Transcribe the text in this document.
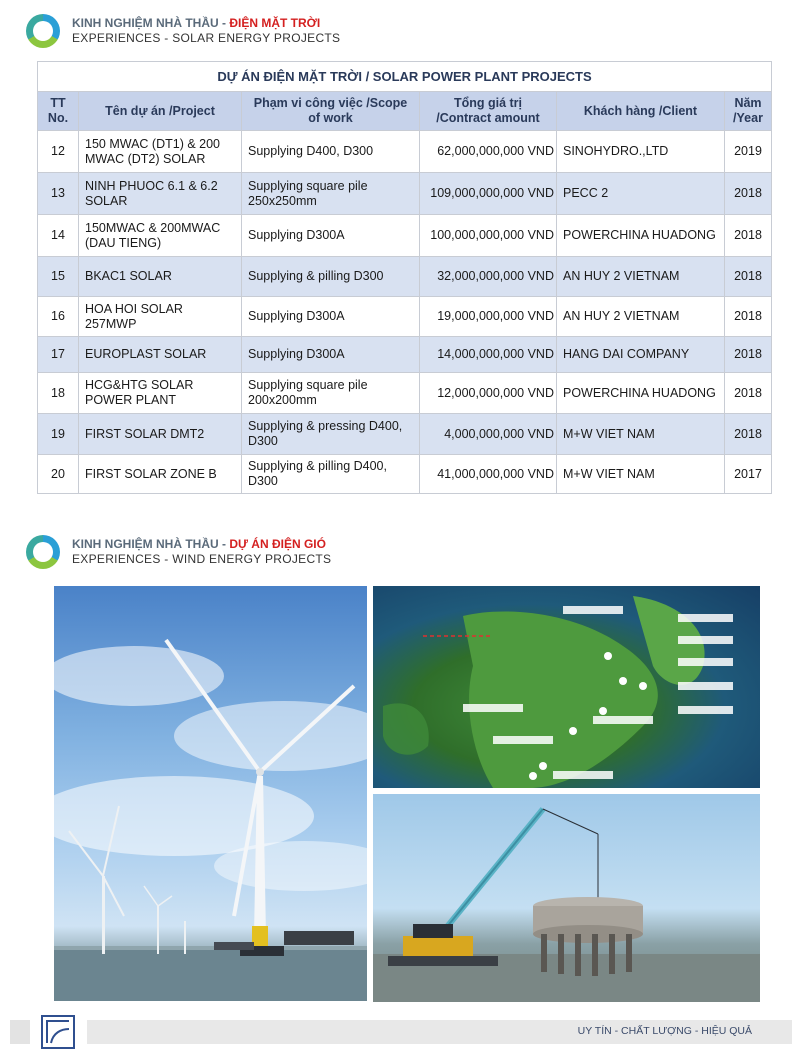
KINH NGHIỆM NHÀ THẦU - ĐIỆN MẶT TRỜI
EXPERIENCES - SOLAR ENERGY PROJECTS
DỰ ÁN ĐIỆN MẶT TRỜI / SOLAR POWER PLANT PROJECTS					
TT No.	Tên dự án /Project	Phạm vi công việc /Scope of work	Tổng giá trị /Contract amount	Khách hàng /Client	Năm /Year
12	150 MWAC (DT1) & 200 MWAC (DT2) SOLAR	Supplying D400, D300	62,000,000,000 VND	SINOHYDRO.,LTD	2019
13	NINH PHUOC 6.1 & 6.2 SOLAR	Supplying square pile 250x250mm	109,000,000,000 VND	PECC 2	2018
14	150MWAC & 200MWAC (DAU TIENG)	Supplying D300A	100,000,000,000 VND	POWERCHINA HUADONG	2018
15	BKAC1 SOLAR	Supplying & pilling D300	32,000,000,000 VND	AN HUY 2 VIETNAM	2018
16	HOA HOI SOLAR 257MWP	Supplying D300A	19,000,000,000 VND	AN HUY 2 VIETNAM	2018
17	EUROPLAST SOLAR	Supplying D300A	14,000,000,000 VND	HANG DAI COMPANY	2018
18	HCG&HTG SOLAR POWER PLANT	Supplying square pile 200x200mm	12,000,000,000 VND	POWERCHINA HUADONG	2018
19	FIRST SOLAR DMT2	Supplying & pressing D400, D300	4,000,000,000 VND	M+W VIET NAM	2018
20	FIRST SOLAR ZONE B	Supplying & pilling D400, D300	41,000,000,000 VND	M+W VIET NAM	2017
KINH NGHIỆM NHÀ THẦU - DỰ ÁN ĐIỆN GIÓ
EXPERIENCES - WIND ENERGY PROJECTS
UY TÍN - CHẤT LƯỢNG - HIỆU QUẢ
